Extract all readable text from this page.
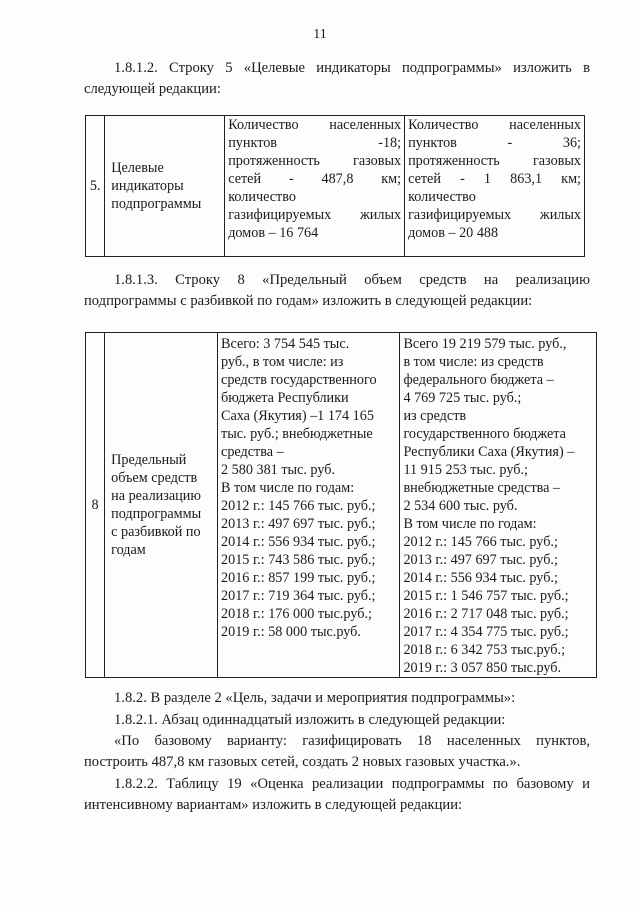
11
1.8.1.2. Строку 5 «Целевые индикаторы подпрограммы» изложить в
следующей редакции:
5.	
Целевые
индикаторы
подпрограммы

Количество населенных
пунктов -18;
протяженность газовых
сетей - 487,8 км;
количество
газифицируемых жилых
домов – 16 764

Количество населенных
пунктов - 36;
протяженность газовых
сетей - 1 863,1 км;
количество
газифицируемых жилых
домов – 20 488
1.8.1.3. Строку 8 «Предельный объем средств на реализацию
подпрограммы с разбивкой по годам» изложить в следующей редакции:
8	
Предельный
объем средств
на реализацию
подпрограммы
с разбивкой по
годам

Всего: 3 754 545 тыс.
руб., в том числе: из
средств государственного
бюджета Республики
Саха (Якутия) –1 174 165
тыс. руб.; внебюджетные
средства –
2 580 381 тыс. руб.
В том числе по годам:
2012 г.: 145 766 тыс. руб.;
2013 г.: 497 697 тыс. руб.;
2014 г.: 556 934 тыс. руб.;
2015 г.: 743 586 тыс. руб.;
2016 г.: 857 199 тыс. руб.;
2017 г.: 719 364 тыс. руб.;
2018 г.: 176 000 тыс.руб.;
2019 г.: 58 000 тыс.руб.

Всего 19 219 579 тыс. руб.,
в том числе: из средств
федерального бюджета –
4 769 725 тыс. руб.;
из средств
государственного бюджета
Республики Саха (Якутия) –
11 915 253 тыс. руб.;
внебюджетные средства –
2 534 600 тыс. руб.
В том числе по годам:
2012 г.: 145 766 тыс. руб.;
2013 г.: 497 697 тыс. руб.;
2014 г.: 556 934 тыс. руб.;
2015 г.: 1 546 757 тыс. руб.;
2016 г.: 2 717 048 тыс. руб.;
2017 г.: 4 354 775 тыс. руб.;
2018 г.: 6 342 753 тыс.руб.;
2019 г.: 3 057 850 тыс.руб.
1.8.2. В разделе 2 «Цель, задачи и мероприятия подпрограммы»:
1.8.2.1. Абзац одиннадцатый изложить в следующей редакции:
«По базовому варианту: газифицировать 18 населенных пунктов,
построить 487,8 км газовых сетей, создать 2 новых газовых участка.».
1.8.2.2. Таблицу 19 «Оценка реализации подпрограммы по базовому и
интенсивному вариантам» изложить в следующей редакции:
